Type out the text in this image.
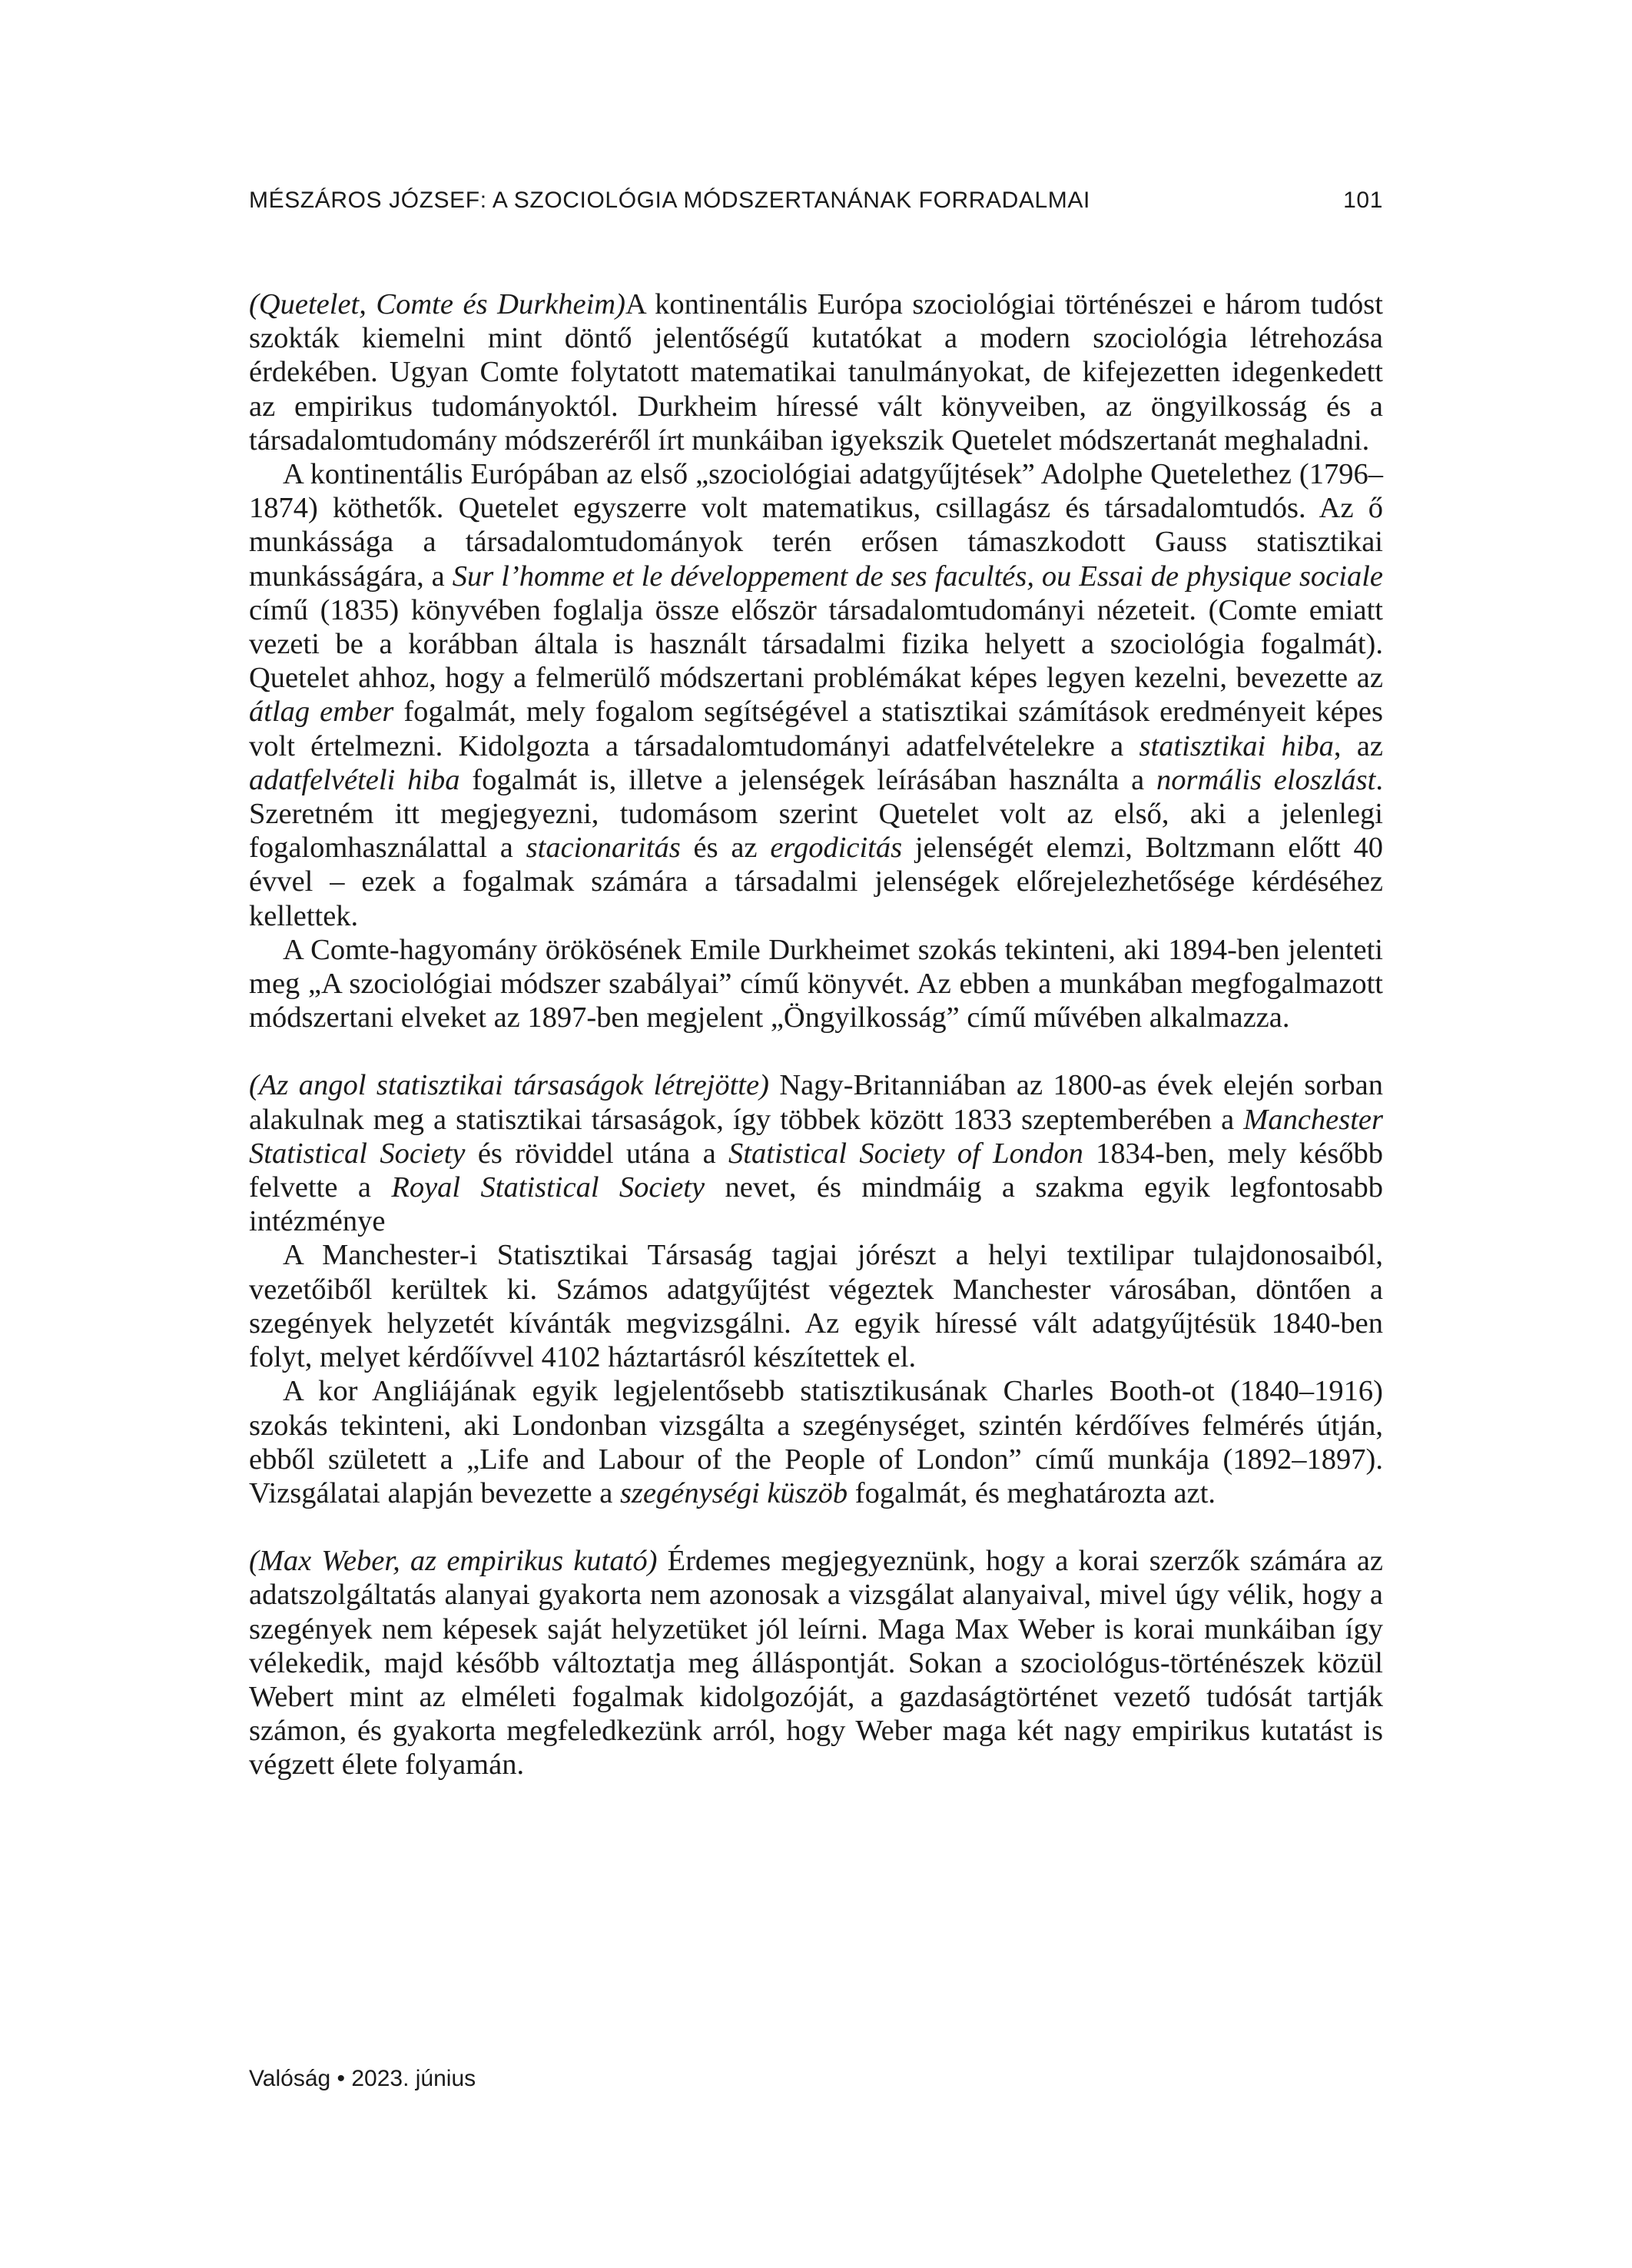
MÉSZÁROS JÓZSEF: A SZOCIOLÓGIA MÓDSZERTANÁNAK FORRADALMAI	101

(Quetelet, Comte és Durkheim)A kontinentális Európa szociológiai történészei e három tudóst szokták kiemelni mint döntő jelentőségű kutatókat a modern szociológia létrehozása érdekében. Ugyan Comte folytatott matematikai tanulmányokat, de kifejezetten idegenkedett az empirikus tudományoktól. Durkheim híressé vált könyveiben, az öngyilkosság és a társadalomtudomány módszeréről írt munkáiban igyekszik Quetelet módszertanát meghaladni.

A kontinentális Európában az első „szociológiai adatgyűjtések” Adolphe Quetelethez (1796–1874) köthetők. Quetelet egyszerre volt matematikus, csillagász és társadalomtudós. Az ő munkássága a társadalomtudományok terén erősen támaszkodott Gauss statisztikai munkásságára, a Sur l’homme et le développement de ses facultés, ou Essai de physique sociale című (1835) könyvében foglalja össze először társadalomtudományi nézeteit. (Comte emiatt vezeti be a korábban általa is használt társadalmi fizika helyett a szociológia fogalmát). Quetelet ahhoz, hogy a felmerülő módszertani problémákat képes legyen kezelni, bevezette az átlag ember fogalmát, mely fogalom segítségével a statisztikai számítások eredményeit képes volt értelmezni. Kidolgozta a társadalomtudományi adatfelvételekre a statisztikai hiba, az adatfelvételi hiba fogalmát is, illetve a jelenségek leírásában használta a normális eloszlást. Szeretném itt megjegyezni, tudomásom szerint Quetelet volt az első, aki a jelenlegi fogalomhasználattal a stacionaritás és az ergodicitás jelenségét elemzi, Boltzmann előtt 40 évvel – ezek a fogalmak számára a társadalmi jelenségek előrejelezhetősége kérdéséhez kellettek.

A Comte-hagyomány örökösének Emile Durkheimet szokás tekinteni, aki 1894-ben jelenteti meg „A szociológiai módszer szabályai” című könyvét. Az ebben a munkában megfogalmazott módszertani elveket az 1897-ben megjelent „Öngyilkosság” című művében alkalmazza.

(Az angol statisztikai társaságok létrejötte) Nagy-Britanniában az 1800-as évek elején sorban alakulnak meg a statisztikai társaságok, így többek között 1833 szeptemberében a Manchester Statistical Society és röviddel utána a Statistical Society of London 1834-ben, mely később felvette a Royal Statistical Society nevet, és mindmáig a szakma egyik legfontosabb intézménye

A Manchester-i Statisztikai Társaság tagjai jórészt a helyi textilipar tulajdonosaiból, vezetőiből kerültek ki. Számos adatgyűjtést végeztek Manchester városában, döntően a szegények helyzetét kívánták megvizsgálni. Az egyik híressé vált adatgyűjtésük 1840-ben folyt, melyet kérdőívvel 4102 háztartásról készítettek el.

A kor Angliájának egyik legjelentősebb statisztikusának Charles Booth-ot (1840–1916) szokás tekinteni, aki Londonban vizsgálta a szegénységet, szintén kérdőíves felmérés útján, ebből született a „Life and Labour of the People of London” című munkája (1892–1897). Vizsgálatai alapján bevezette a szegénységi küszöb fogalmát, és meghatározta azt.

(Max Weber, az empirikus kutató) Érdemes megjegyeznünk, hogy a korai szerzők számára az adatszolgáltatás alanyai gyakorta nem azonosak a vizsgálat alanyaival, mivel úgy vélik, hogy a szegények nem képesek saját helyzetüket jól leírni. Maga Max Weber is korai munkáiban így vélekedik, majd később változtatja meg álláspontját. Sokan a szociológus-történészek közül Webert mint az elméleti fogalmak kidolgozóját, a gazdaságtörténet vezető tudósát tartják számon, és gyakorta megfeledkezünk arról, hogy Weber maga két nagy empirikus kutatást is végzett élete folyamán.

Valóság • 2023. június
